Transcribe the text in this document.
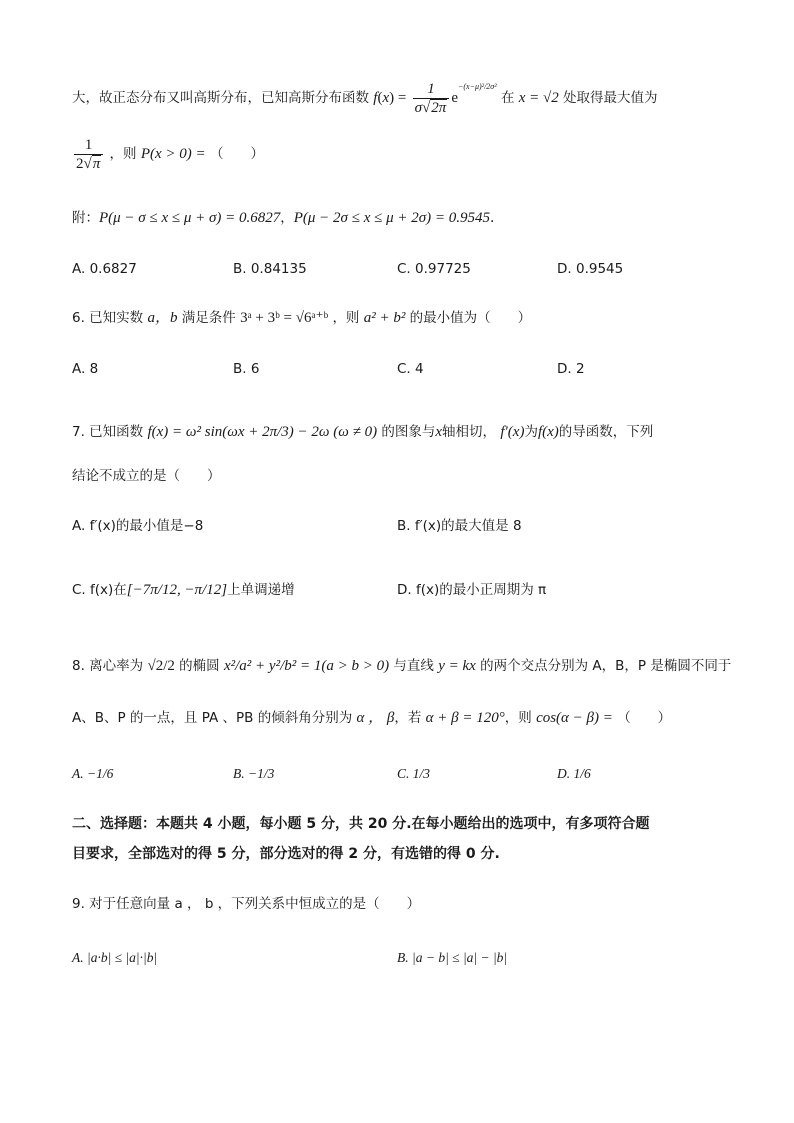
大，故正态分布又叫高斯分布，已知高斯分布函数 $f(x) = \frac{1}{\sigma√2\pi} e-(x-\mu)^2/2\sigma^2$ 在 x = √2 处取得最大值为
$\frac{1}{2√\pi}$ ，则 P(x > 0) = （　　）
附：P(μ − σ ≤ x ≤ μ + σ) = 0.6827，P(μ − 2σ ≤ x ≤ μ + 2σ) = 0.9545.
A. 0.6827	B. 0.84135	C. 0.97725	D. 0.9545
6. 已知实数 a，b 满足条件 3ᵃ + 3ᵇ = √6ᵃ⁺ᵇ ，则 a² + b² 的最小值为（　　）
A. 8	B. 6	C. 4	D. 2
7. 已知函数 f(x) = ω² sin(ωx + 2π/3) − 2ω (ω ≠ 0) 的图象与x轴相切， f′(x)为f(x)的导函数，下列
结论不成立的是（　　）
A. f′(x)的最小值是−8	B. f′(x)的最大值是 8
C. f(x)在[−7π/12, −π/12]上单调递增	D. f(x)的最小正周期为 π
8. 离心率为 √2/2 的椭圆 x²/a² + y²/b² = 1(a > b > 0) 与直线 y = kx 的两个交点分别为 A，B，P 是椭圆不同于
A、B、P 的一点，且 PA 、PB 的倾斜角分别为 α ， β，若 α + β = 120°，则 cos(α − β) = （　　）
A. −1/6	B. −1/3	C. 1/3	D. 1/6
二、选择题：本题共 4 小题，每小题 5 分，共 20 分.在每小题给出的选项中，有多项符合题
目要求，全部选对的得 5 分，部分选对的得 2 分，有选错的得 0 分.
9. 对于任意向量 a ， b ，下列关系中恒成立的是（　　）
A. |a·b| ≤ |a|·|b|	B. |a − b| ≤ |a| − |b|
